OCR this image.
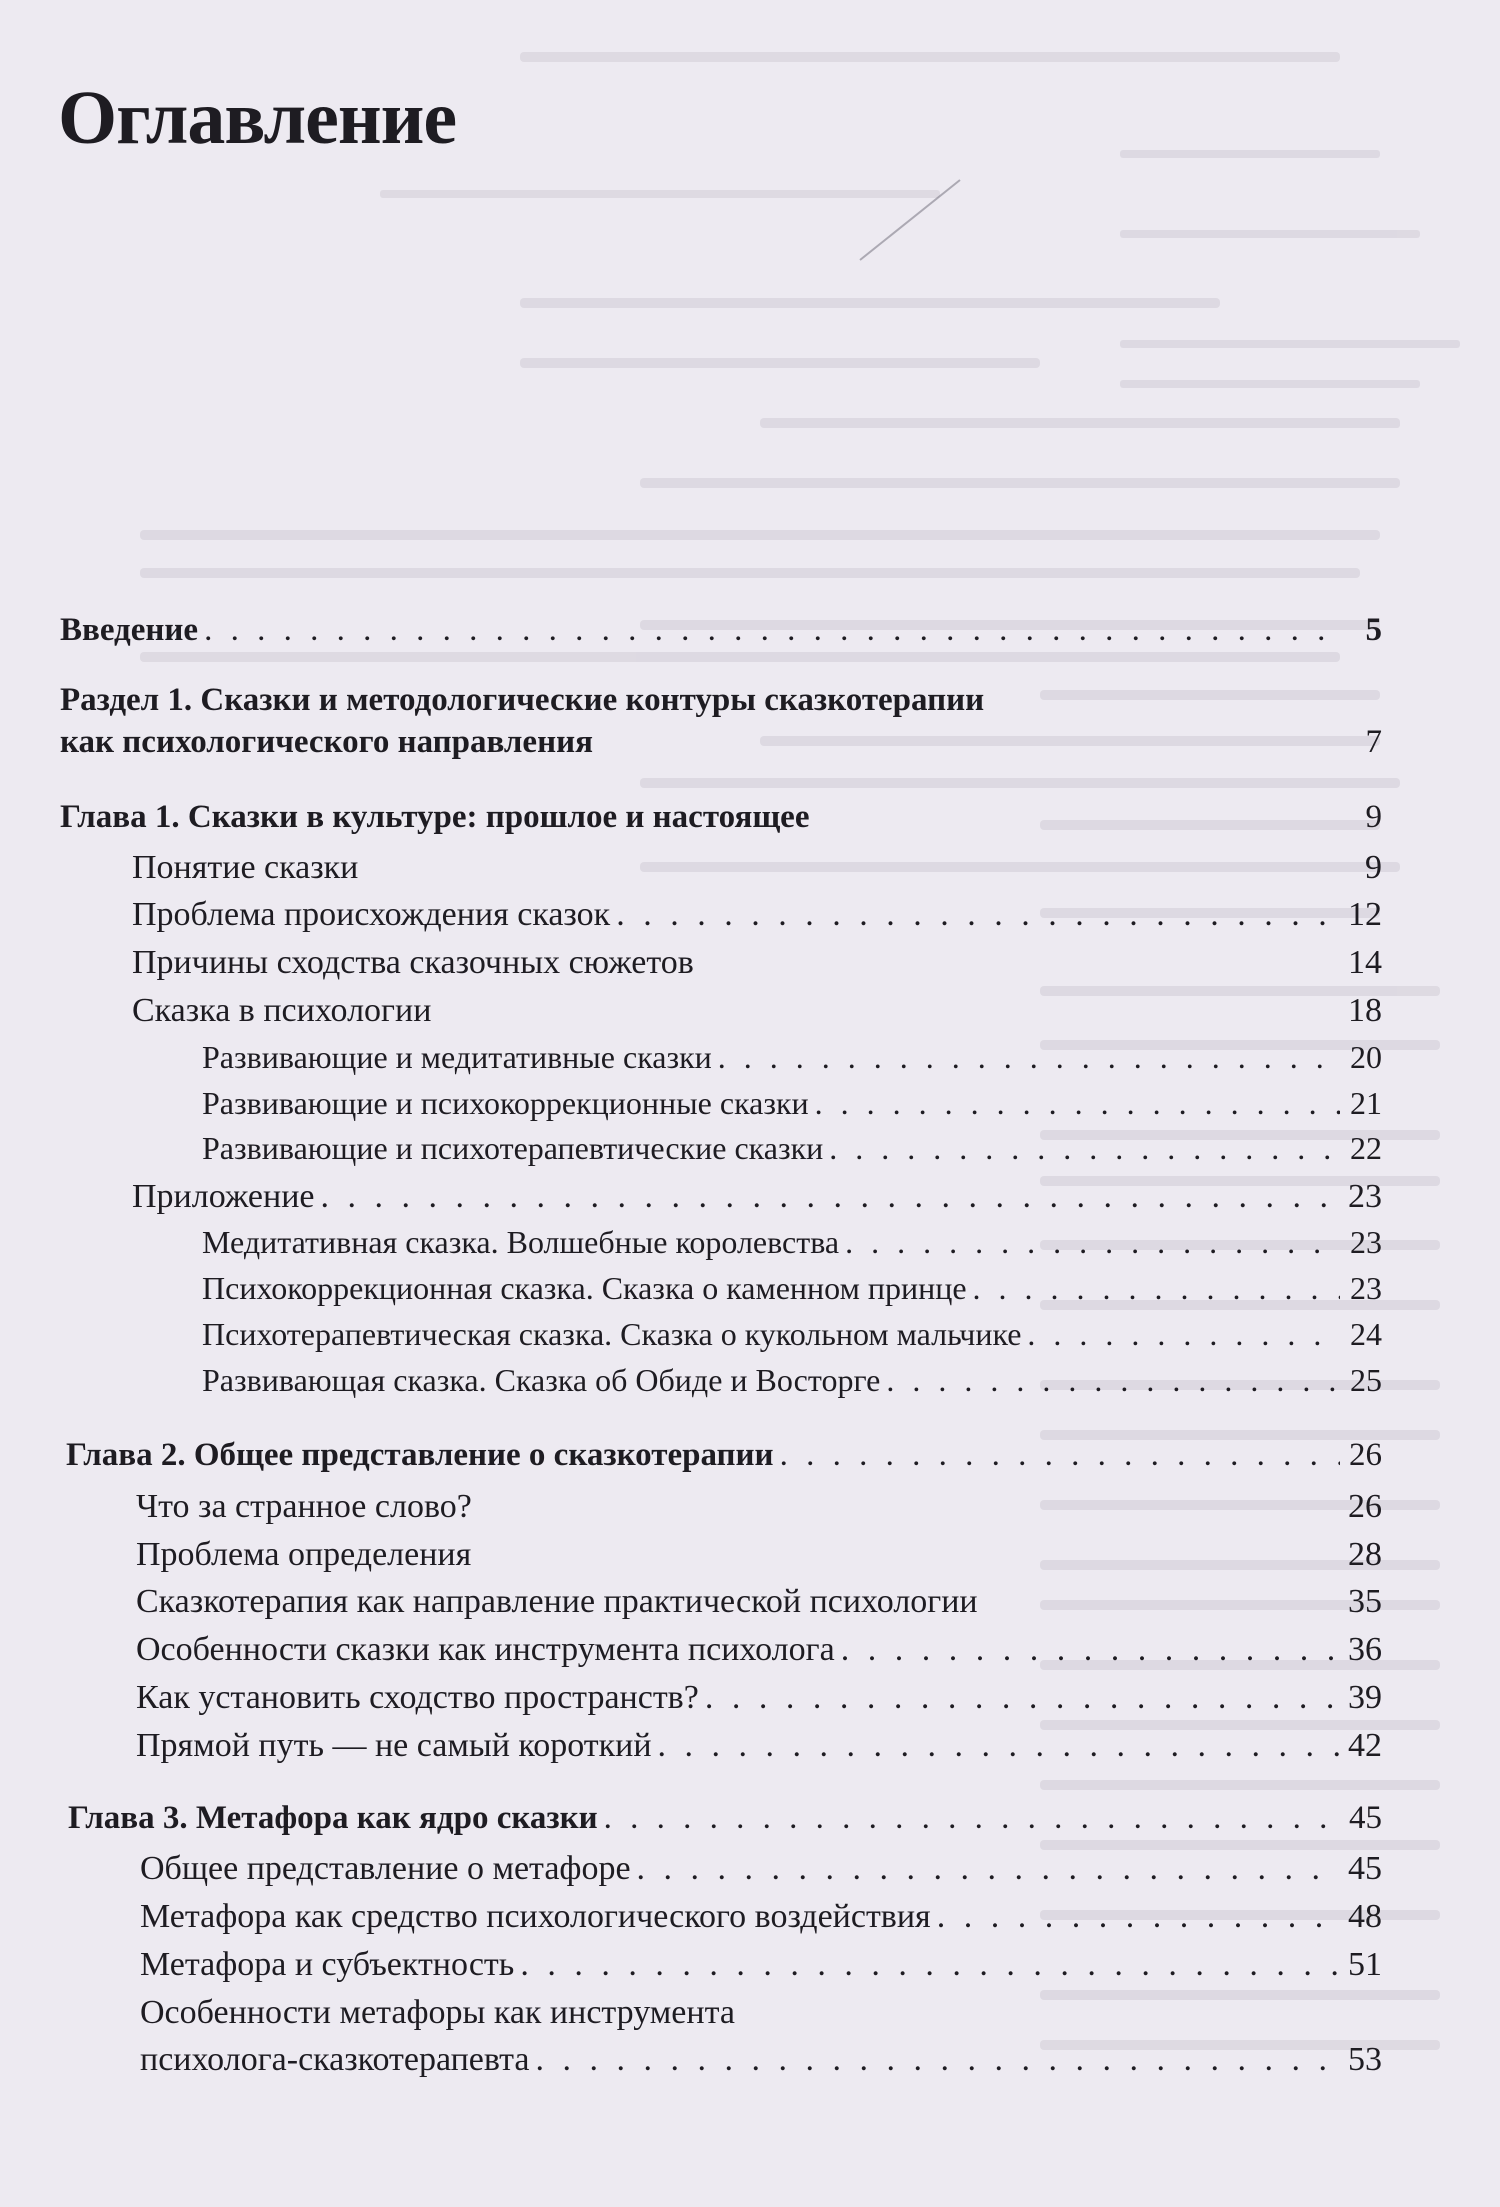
Оглавление
Введение . . .	5
Раздел 1. Сказки и методологические контуры сказкотерапии
как психологического направления	7
Глава 1. Сказки в культуре: прошлое и настоящее	9
Понятие сказки	9
Проблема происхождения сказок . . .	12
Причины сходства сказочных сюжетов	14
Сказка в психологии	18
Развивающие и медитативные сказки . . .	20
Развивающие и психокоррекционные сказки . . .	21
Развивающие и психотерапевтические сказки . . .	22
Приложение . . .	23
Медитативная сказка. Волшебные королевства . . .	23
Психокоррекционная сказка. Сказка о каменном принце . . .	23
Психотерапевтическая сказка. Сказка о кукольном мальчике . . .	24
Развивающая сказка. Сказка об Обиде и Восторге . . .	25
Глава 2. Общее представление о сказкотерапии . . .	26
Что за странное слово?	26
Проблема определения	28
Сказкотерапия как направление практической психологии	35
Особенности сказки как инструмента психолога . . .	36
Как установить сходство пространств? . . .	39
Прямой путь — не самый короткий . . .	42
Глава 3. Метафора как ядро сказки . . .	45
Общее представление о метафоре . . .	45
Метафора как средство психологического воздействия . . .	48
Метафора и субъектность . . .	51
Особенности метафоры как инструмента
психолога-сказкотерапевта . . .	53
